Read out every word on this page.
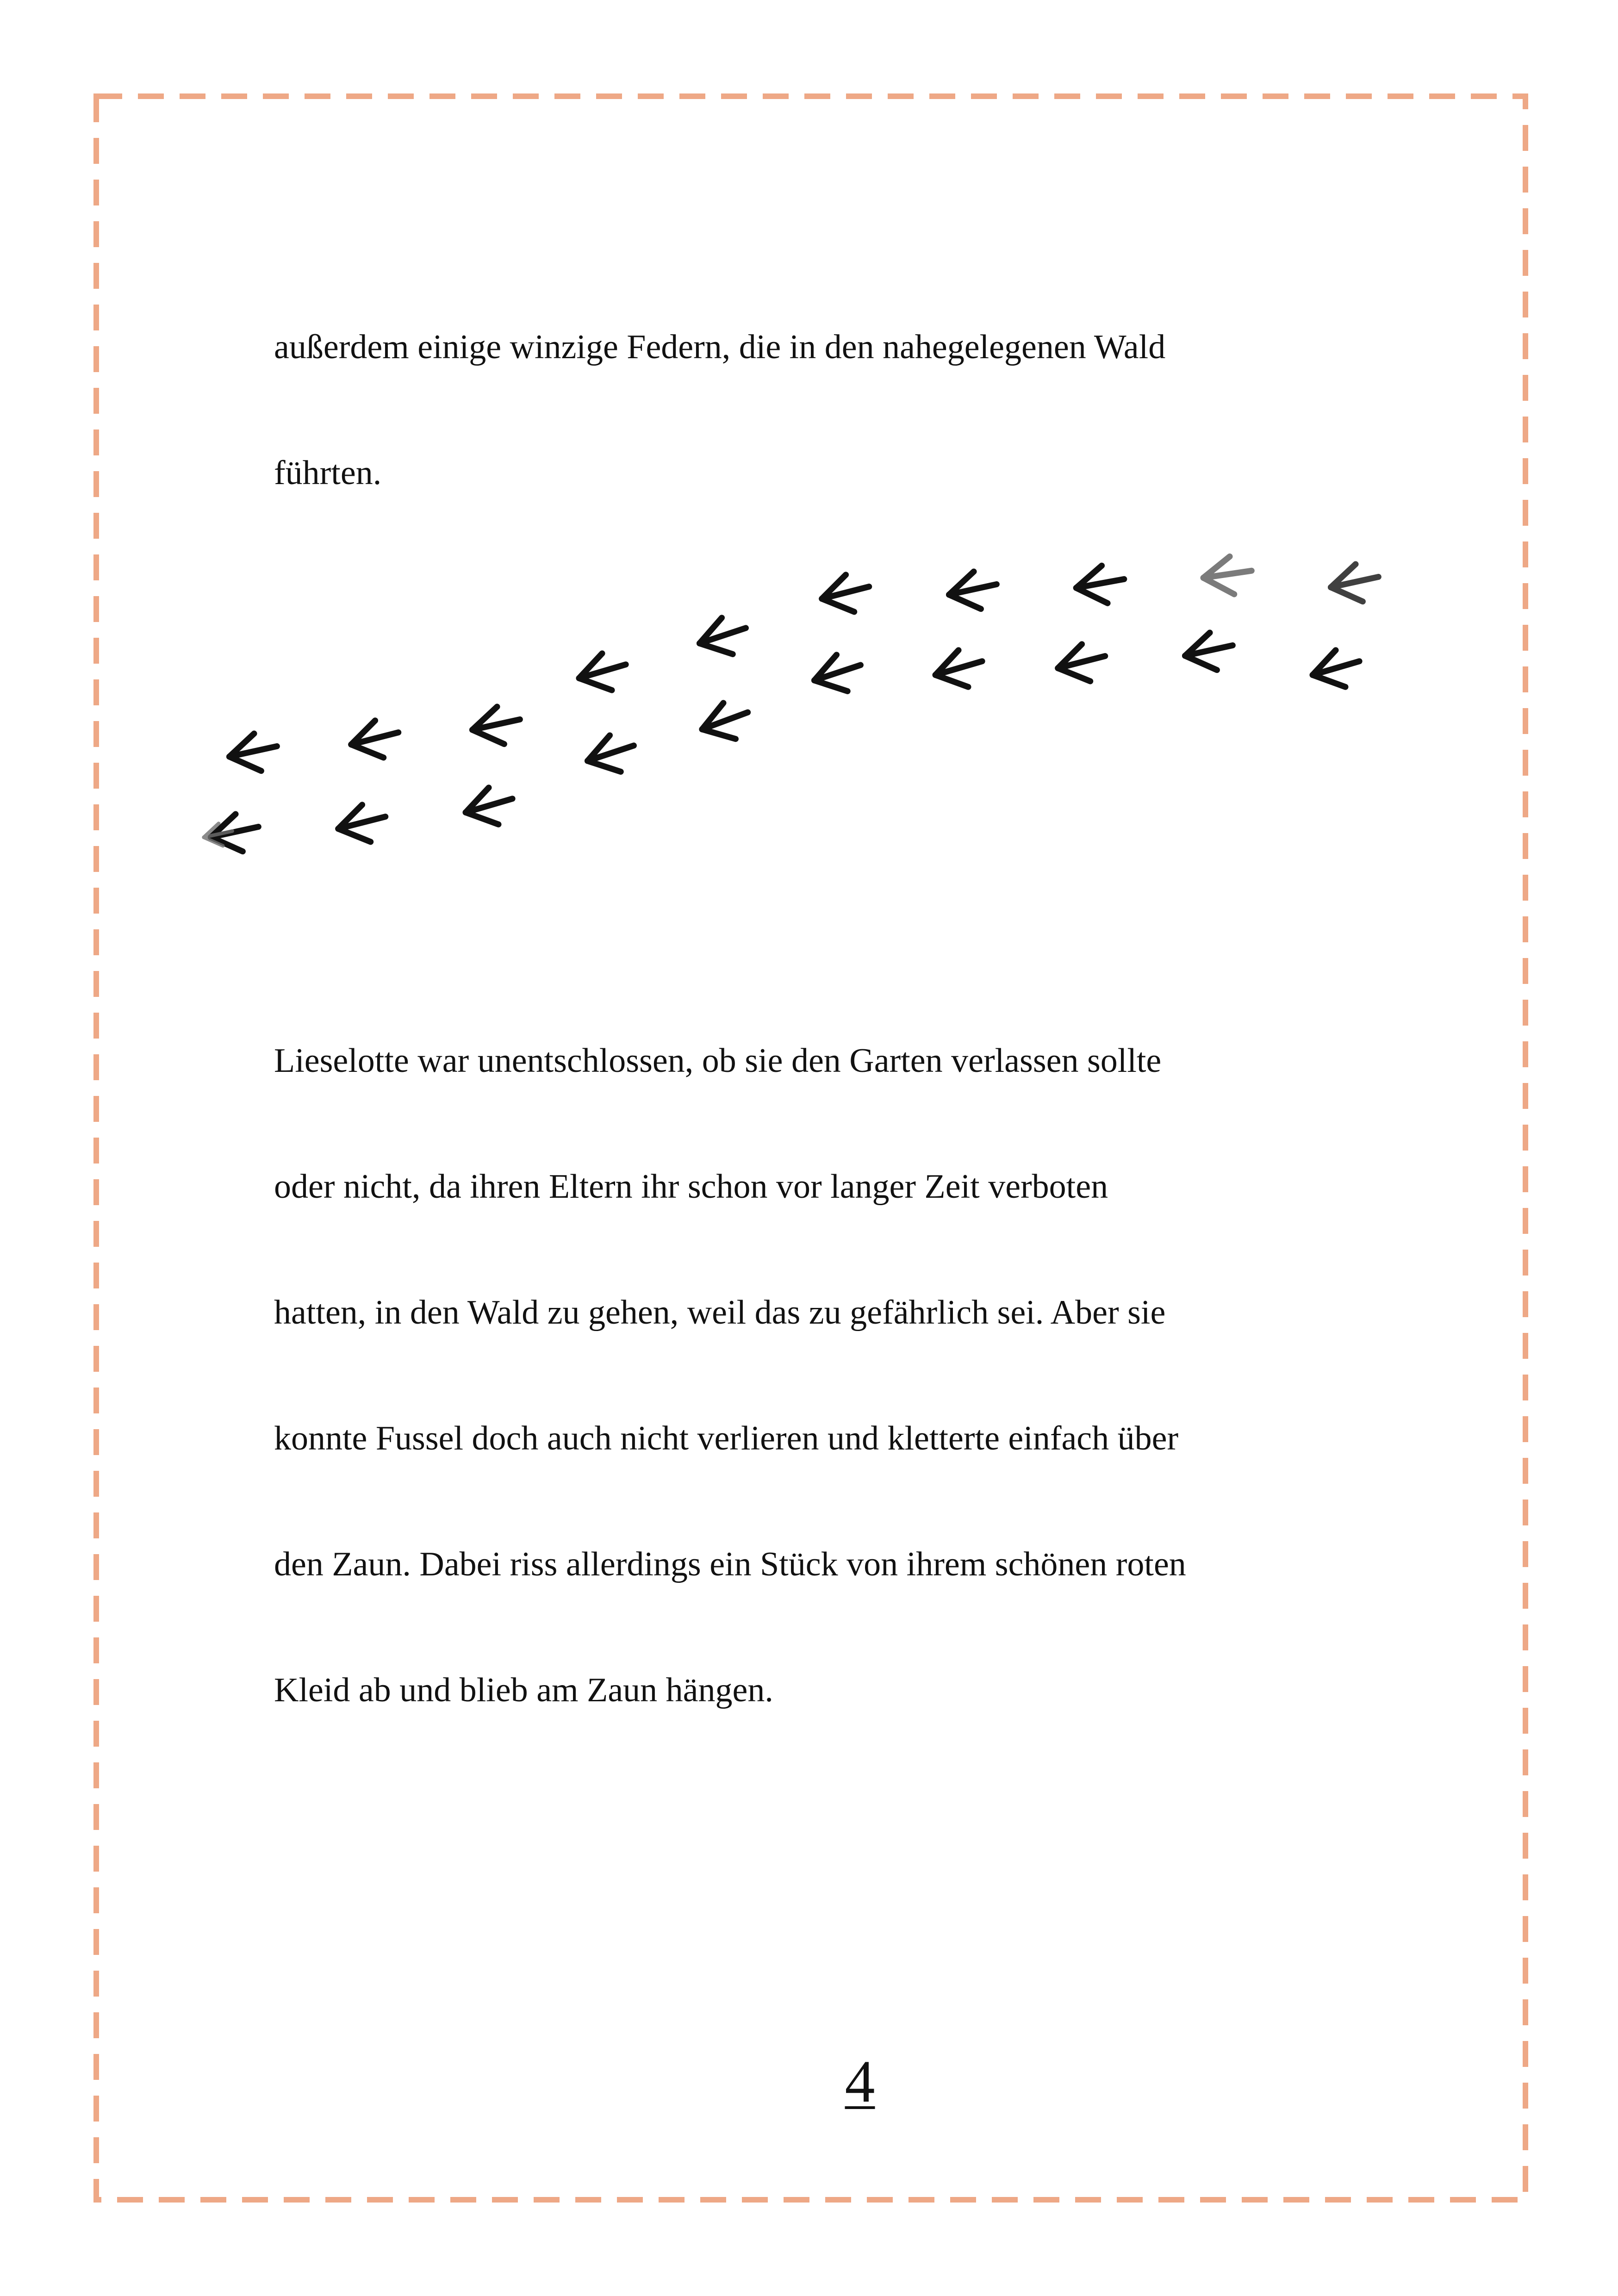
außerdem einige winzige Federn, die in den nahegelegenen Wald
führten.
Lieselotte war unentschlossen, ob sie den Garten verlassen sollte
oder nicht, da ihren Eltern ihr schon vor langer Zeit verboten
hatten, in den Wald zu gehen, weil das zu gefährlich sei. Aber sie
konnte Fussel doch auch nicht verlieren und kletterte einfach über
den Zaun. Dabei riss allerdings ein Stück von ihrem schönen roten
Kleid ab und blieb am Zaun hängen.
4
